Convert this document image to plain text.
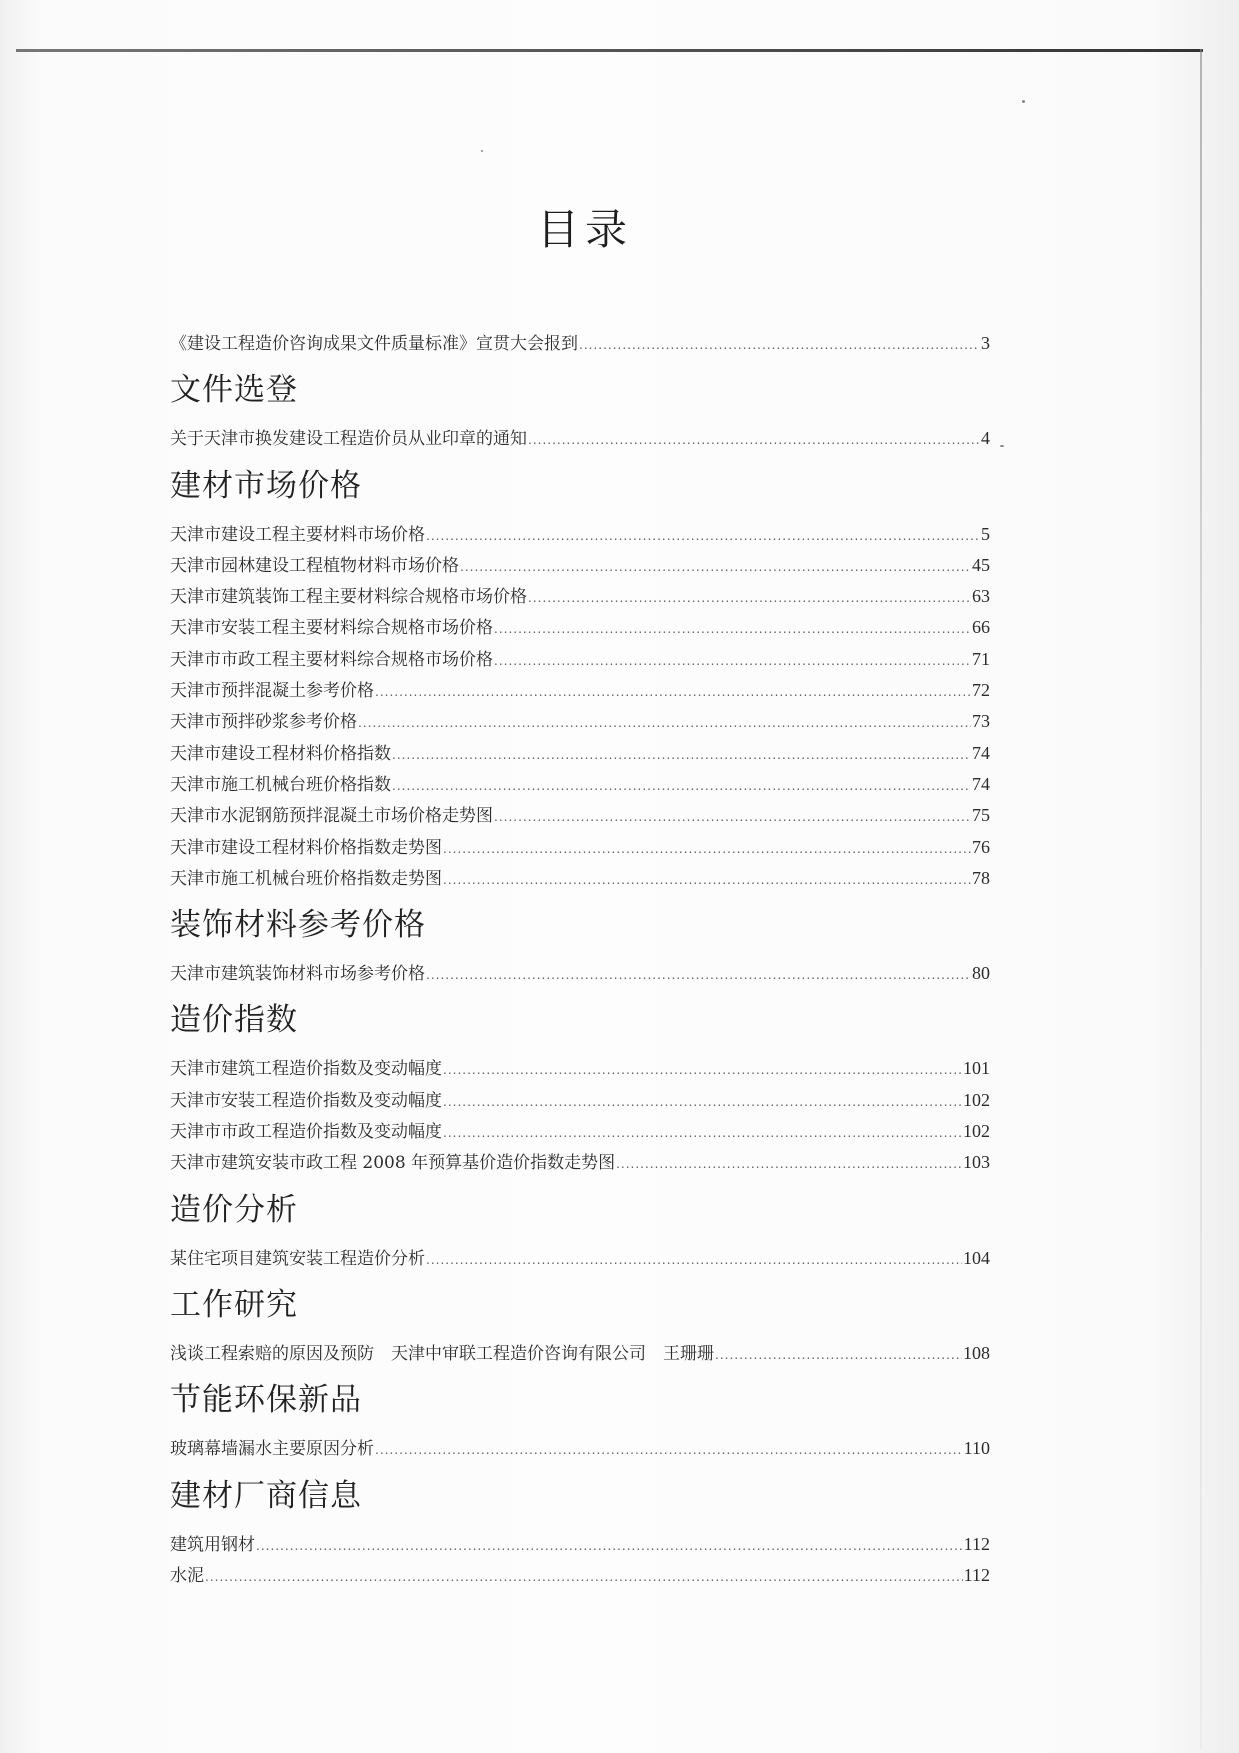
目录
《建设工程造价咨询成果文件质量标准》宣贯大会报到 .....	3
文件选登
关于天津市换发建设工程造价员从业印章的通知 .....	4
建材市场价格
天津市建设工程主要材料市场价格 .....	5
天津市园林建设工程植物材料市场价格 .....	45
天津市建筑装饰工程主要材料综合规格市场价格 .....	63
天津市安装工程主要材料综合规格市场价格 .....	66
天津市市政工程主要材料综合规格市场价格 .....	71
天津市预拌混凝土参考价格 .....	72
天津市预拌砂浆参考价格 .....	73
天津市建设工程材料价格指数 .....	74
天津市施工机械台班价格指数 .....	74
天津市水泥钢筋预拌混凝土市场价格走势图 .....	75
天津市建设工程材料价格指数走势图 .....	76
天津市施工机械台班价格指数走势图 .....	78
装饰材料参考价格
天津市建筑装饰材料市场参考价格 .....	80
造价指数
天津市建筑工程造价指数及变动幅度 .....	101
天津市安装工程造价指数及变动幅度 .....	102
天津市市政工程造价指数及变动幅度 .....	102
天津市建筑安装市政工程 2008 年预算基价造价指数走势图 .....	103
造价分析
某住宅项目建筑安装工程造价分析 .....	104
工作研究
浅谈工程索赔的原因及预防　天津中审联工程造价咨询有限公司　王珊珊 .....	108
节能环保新品
玻璃幕墙漏水主要原因分析 .....	110
建材厂商信息
建筑用钢材 .....	112
水泥 .....	112
